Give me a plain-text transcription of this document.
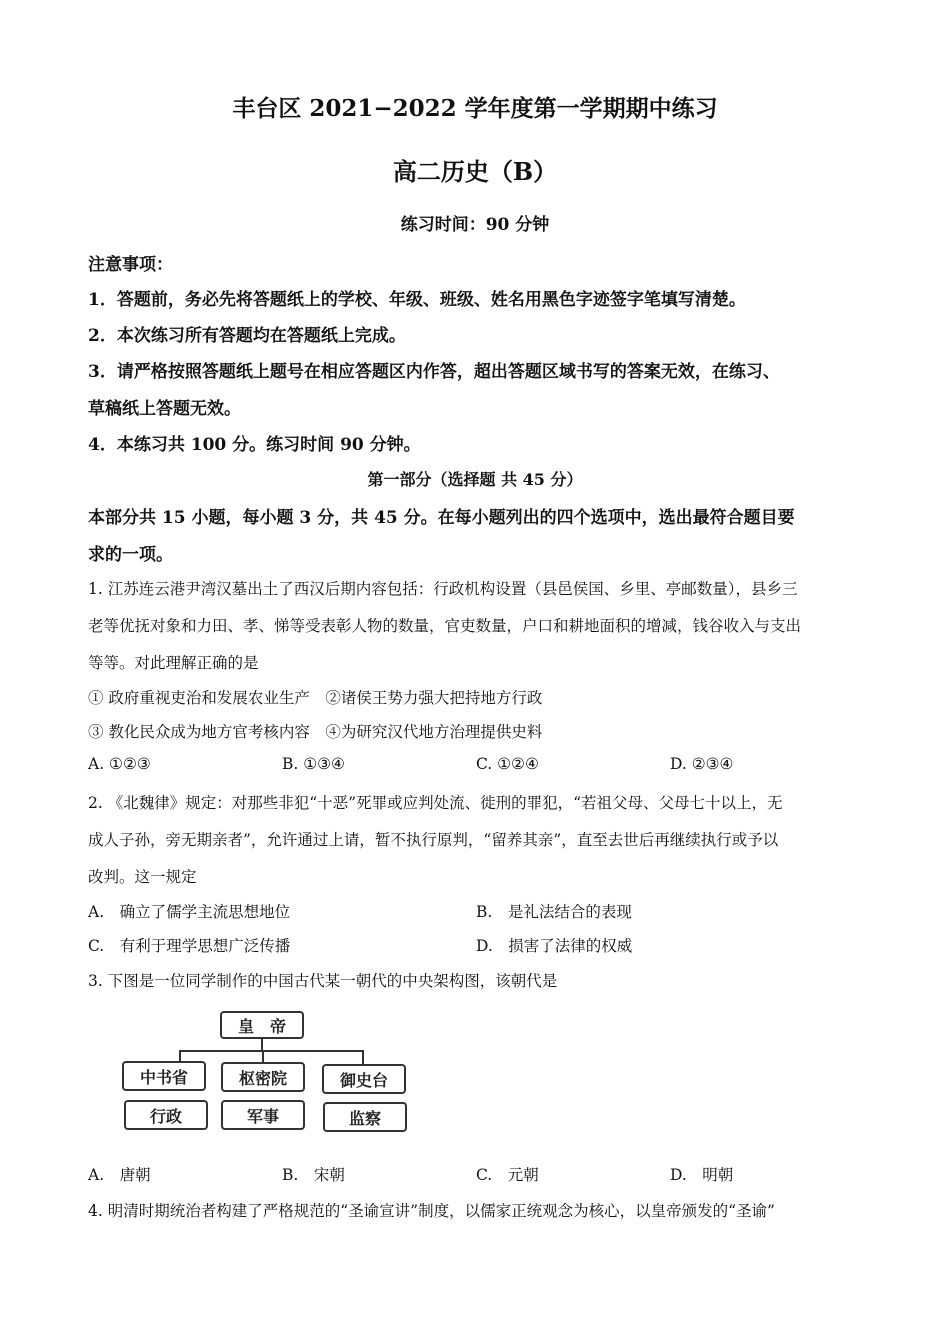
丰台区 2021−2022 学年度第一学期期中练习
高二历史（B）
练习时间：90 分钟
注意事项：
1．答题前，务必先将答题纸上的学校、年级、班级、姓名用黑色字迹签字笔填写清楚。
2．本次练习所有答题均在答题纸上完成。
3．请严格按照答题纸上题号在相应答题区内作答，超出答题区域书写的答案无效，在练习、
草稿纸上答题无效。
4．本练习共 100 分。练习时间 90 分钟。
第一部分（选择题 共 45 分）
本部分共 15 小题，每小题 3 分，共 45 分。在每小题列出的四个选项中，选出最符合题目要
求的一项。
1. 江苏连云港尹湾汉墓出土了西汉后期内容包括：行政机构设置（县邑侯国、乡里、亭邮数量），县乡三
老等优抚对象和力田、孝、悌等受表彰人物的数量，官吏数量，户口和耕地面积的增减，钱谷收入与支出
等等。对此理解正确的是
① 政府重视吏治和发展农业生产　②诸侯王势力强大把持地方行政
③ 教化民众成为地方官考核内容　④为研究汉代地方治理提供史料
A. ①②③	B. ①③④	C. ①②④	D. ②③④
2. 《北魏律》规定：对那些非犯“十恶”死罪或应判处流、徙刑的罪犯，“若祖父母、父母七十以上，无
成人子孙，旁无期亲者”，允许通过上请，暂不执行原判，“留养其亲”，直至去世后再继续执行或予以
改判。这一规定
A.　确立了儒学主流思想地位	B.　是礼法结合的表现
C.　有利于理学思想广泛传播	D.　损害了法律的权威
3. 下图是一位同学制作的中国古代某一朝代的中央架构图，该朝代是
皇　帝
中书省	枢密院	御史台
行政	军事	监察
A.　唐朝	B.　宋朝	C.　元朝	D.　明朝
4. 明清时期统治者构建了严格规范的“圣谕宣讲”制度，以儒家正统观念为核心，以皇帝颁发的“圣谕”
